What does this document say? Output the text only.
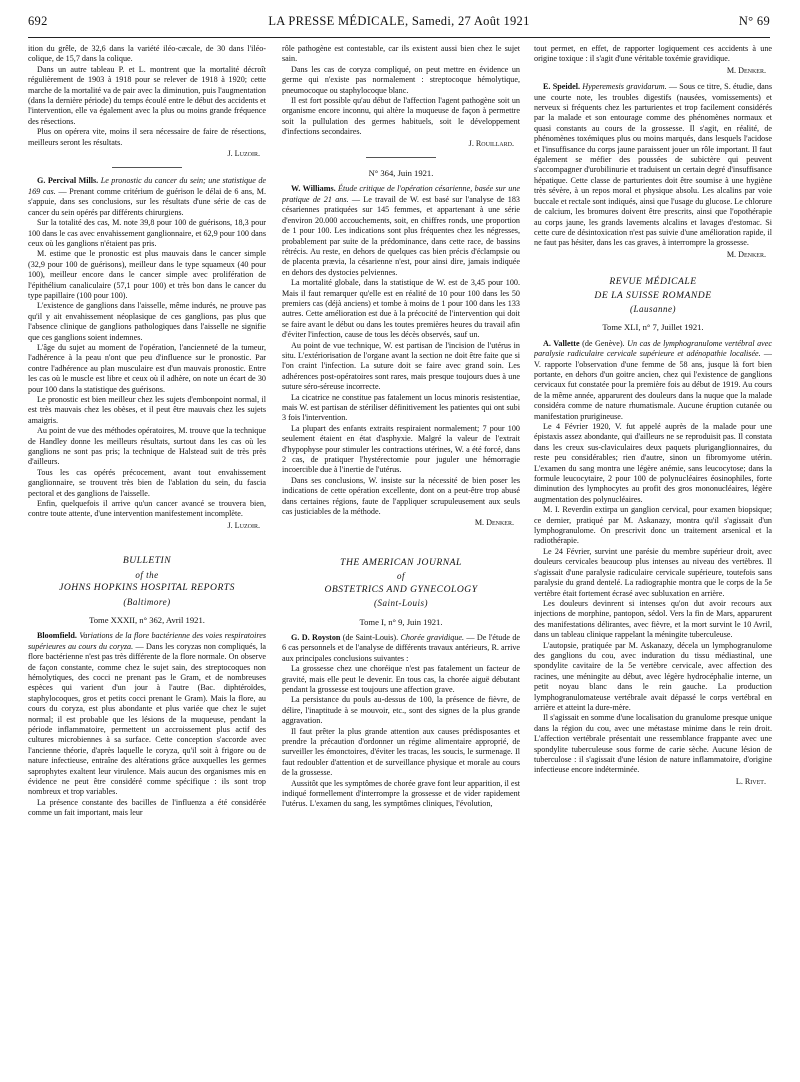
692	LA PRESSE MÉDICALE, Samedi, 27 Août 1921	N° 69

ition du grêle, de 32,6 dans la variété iléo-cæcale, de 30 dans l'iléo-colique, de 15,7 dans la colique.

Dans un autre tableau P. et L. montrent que la mortalité décroît régulièrement de 1903 à 1918 pour se relever de 1918 à 1920; cette marche de la mortalité va de pair avec la diminution, puis l'augmentation (dans la dernière période) du temps écoulé entre le début des accidents et l'intervention, elle va également avec la plus ou moins grande fréquence des résections.

Plus on opérera vite, moins il sera nécessaire de faire de résections, meilleurs seront les résultats.

J. Luzoir.

G. Percival Mills. Le pronostic du cancer du sein; une statistique de 169 cas. — Prenant comme critérium de guérison le délai de 6 ans, M. s'appuie, dans ses conclusions, sur les résultats d'une série de cas de cancer du sein opérés par différents chirurgiens.

Sur la totalité des cas, M. note 39,8 pour 100 de guérisons, 18,3 pour 100 dans le cas avec envahissement ganglionnaire, et 62,9 pour 100 dans ceux où les ganglions n'étaient pas pris.

M. estime que le pronostic est plus mauvais dans le cancer simple (32,9 pour 100 de guérisons), meilleur dans le type squameux (40 pour 100), meilleur encore dans le cancer simple avec prolifération de l'épithélium canaliculaire (57,1 pour 100) et très bon dans le cancer du type papillaire (100 pour 100).

L'existence de ganglions dans l'aisselle, même indurés, ne prouve pas qu'il y ait envahissement néoplasique de ces ganglions, pas plus que l'absence clinique de ganglions pathologiques dans l'aisselle ne signifie que ces ganglions soient indemnes.

L'âge du sujet au moment de l'opération, l'ancienneté de la tumeur, l'adhérence à la peau n'ont que peu d'influence sur le pronostic. Par contre l'adhérence au plan musculaire est d'un mauvais pronostic. Entre les cas où le muscle est libre et ceux où il adhère, on note un écart de 30 pour 100 dans la statistique des guérisons.

Le pronostic est bien meilleur chez les sujets d'embonpoint normal, il est très mauvais chez les obèses, et il peut être mauvais chez les sujets amaigris.

Au point de vue des méthodes opératoires, M. trouve que la technique de Handley donne les meilleurs résultats, surtout dans les cas où les ganglions ne sont pas pris; la technique de Halstead suit de très près d'ailleurs.

Tous les cas opérés précocement, avant tout envahissement ganglionnaire, se trouvent très bien de l'ablation du sein, du fascia pectoral et des ganglions de l'aisselle.

Enfin, quelquefois il arrive qu'un cancer avancé se trouvera bien, contre toute attente, d'une intervention manifestement incomplète.

J. Luzoir.
BULLETIN
of the
JOHNS HOPKINS HOSPITAL REPORTS
(Baltimore)
Tome XXXII, n° 362, Avril 1921.

Bloomfield. Variations de la flore bactérienne des voies respiratoires supérieures au cours du coryza. — Dans les coryzas non compliqués, la flore bactérienne n'est pas très différente de la flore normale. On observe de façon constante, comme chez le sujet sain, des streptocoques non hémolytiques, des cocci ne prenant pas le Gram, et de nombreuses espèces qui varient d'un jour à l'autre (Bac. diphtéroïdes, staphylocoques, gros et petits cocci prenant le Gram). Mais la flore, au cours du coryza, est plus abondante et plus variée que chez le sujet normal; il est probable que les lésions de la muqueuse, pendant la période inflammatoire, permettent un accroissement plus actif des cultures microbiennes à sa surface. Cette conception s'accorde avec l'ancienne théorie, d'après laquelle le coryza, qu'il soit à frigore ou de nature infectieuse, entraîne des altérations grâce auxquelles les germes saprophytes exaltent leur virulence. Mais aucun des organismes mis en évidence ne peut être considéré comme spécifique : ils sont trop nombreux et trop variables.

La présence constante des bacilles de l'influenza a été considérée comme un fait important, mais leur

rôle pathogène est contestable, car ils existent aussi bien chez le sujet sain.

Dans les cas de coryza compliqué, on peut mettre en évidence un germe qui n'existe pas normalement : streptocoque hémolytique, pneumocoque ou staphylocoque blanc.

Il est fort possible qu'au début de l'affection l'agent pathogène soit un organisme encore inconnu, qui altère la muqueuse de façon à permettre soit la pullulation des germes habituels, soit le développement d'infections secondaires.

J. Rouillard.
N° 364, Juin 1921.

W. Williams. Étude critique de l'opération césarienne, basée sur une pratique de 21 ans. — Le travail de W. est basé sur l'analyse de 183 césariennes pratiquées sur 145 femmes, et appartenant à une série d'environ 20.000 accouchements, soit, en chiffres ronds, une proportion de 1 pour 100. Les indications sont plus fréquentes chez les négresses, probablement par suite de la prédominance, dans cette race, de bassins rétrécis. Au reste, en dehors de quelques cas bien précis d'éclampsie ou de placenta prævia, la césarienne n'est, pour ainsi dire, jamais indiquée en dehors des dystocies pelviennes.

La mortalité globale, dans la statistique de W. est de 3,45 pour 100. Mais il faut remarquer qu'elle est en réalité de 10 pour 100 dans les 50 premiers cas (déjà anciens) et tombe à moins de 1 pour 100 dans les 133 autres. Cette amélioration est due à la précocité de l'intervention qui doit se faire avant le début ou dans les toutes premières heures du travail afin d'éviter l'infection, cause de tous les décès observés, sauf un.

Au point de vue technique, W. est partisan de l'incision de l'utérus in situ. L'extériorisation de l'organe avant la section ne doit être faite que si l'on craint l'infection. La suture doit se faire avec grand soin. Les adhérences post-opératoires sont rares, mais presque toujours dues à une suture séro-séreuse incorrecte.

La cicatrice ne constitue pas fatalement un locus minoris resistentiae, mais W. est partisan de stériliser définitivement les patientes qui ont subi 3 fois l'intervention.

La plupart des enfants extraits respiraient normalement; 7 pour 100 seulement étaient en état d'asphyxie. Malgré la valeur de l'extrait d'hypophyse pour stimuler les contractions utérines, W. a été forcé, dans 2 cas, de pratiquer l'hystérectomie pour juguler une hémorragie incoercible due à l'inertie de l'utérus.

Dans ses conclusions, W. insiste sur la nécessité de bien poser les indications de cette opération excellente, dont on a peut-être trop abusé dans certaines régions, faute de l'appliquer scrupuleusement aux seuls cas justiciables de la méthode.

M. Denker.
THE AMERICAN JOURNAL
of
OBSTETRICS AND GYNECOLOGY
(Saint-Louis)
Tome I, n° 9, Juin 1921.

G. D. Royston (de Saint-Louis). Chorée gravidique. — De l'étude de 6 cas personnels et de l'analyse de différents travaux antérieurs, R. arrive aux principales conclusions suivantes :

La grossesse chez une choréique n'est pas fatalement un facteur de gravité, mais elle peut le devenir. En tous cas, la chorée aiguë débutant pendant la grossesse est toujours une affection grave.

La persistance du pouls au-dessus de 100, la présence de fièvre, de délire, l'inaptitude à se mouvoir, etc., sont des signes de la plus grande aggravation.

Il faut prêter la plus grande attention aux causes prédisposantes et prendre la précaution d'ordonner un régime alimentaire approprié, de surveiller les émonctoires, d'éviter les tracas, les soucis, le surmenage. Il faut redoubler d'attention et de surveillance physique et morale au cours de la grossesse.

Aussitôt que les symptômes de chorée grave font leur apparition, il est indiqué formellement d'interrompre la grossesse et de vider rapidement l'utérus. L'examen du sang, les symptômes cliniques, l'évolution,

tout permet, en effet, de rapporter logiquement ces accidents à une origine toxique : il s'agit d'une véritable toxémie gravidique.

M. Denker.

E. Speidel. Hyperemesis gravidarum. — Sous ce titre, S. étudie, dans une courte note, les troubles digestifs (nausées, vomissements) et nerveux si fréquents chez les parturientes et trop facilement considérés par la malade et son entourage comme des phénomènes normaux et quasi constants au cours de la grossesse. Il s'agit, en réalité, de phénomènes toxémiques plus ou moins marqués, dans lesquels l'acidose et l'insuffisance du corps jaune paraissent jouer un rôle important. Il faut également se méfier des poussées de subictère qui peuvent s'accompagner d'urobilinurie et traduisent un certain degré d'insuffisance hépatique. Cette classe de parturientes doit être soumise à une hygiène très sévère, à un repos moral et physique absolu. Les alcalins par voie buccale et rectale sont indiqués, ainsi que l'usage du glucose. Le chlorure de calcium, les bromures doivent être prescrits, ainsi que l'opothérapie au corps jaune, les grands lavements alcalins et lavages d'estomac. Si cette cure de désintoxication n'est pas suivie d'une amélioration rapide, il ne faut pas hésiter, dans les cas graves, à interrompre la grossesse.

M. Denker.
REVUE MÉDICALE
DE LA SUISSE ROMANDE
(Lausanne)
Tome XLI, n° 7, Juillet 1921.

A. Vallette (de Genève). Un cas de lymphogranulome vertébral avec paralysie radiculaire cervicale supérieure et adénopathie localisée. — V. rapporte l'observation d'une femme de 58 ans, jusque là fort bien portante, en dehors d'un goitre ancien, chez qui l'existence de ganglions cervicaux fut constatée pour la première fois au début de 1919. Au cours de la même année, apparurent des douleurs dans la nuque que la malade considéra comme de nature rhumatismale. Aucune éruption cutanée ou manifestation prurigineuse.

Le 4 Février 1920, V. fut appelé auprès de la malade pour une épistaxis assez abondante, qui d'ailleurs ne se reproduisit pas. Il constata dans les creux sus-claviculaires deux paquets pluriganglionnaires, du reste peu considérables; rien d'autre, sinon un fibromyome utérin. L'examen du sang montra une légère anémie, sans leucocytose; dans la formule leucocytaire, 2 pour 100 de polynucléaires éosinophiles, forte diminution des lymphocytes au profit des gros mononucléaires, légère augmentation des polynucléaires.

M. I. Reverdin extirpa un ganglion cervical, pour examen biopsique; ce dernier, pratiqué par M. Askanazy, montra qu'il s'agissait d'un lymphogranulome. On prescrivit donc un traitement arsenical et la radiothérapie.

Le 24 Février, survint une parésie du membre supérieur droit, avec douleurs cervicales beaucoup plus intenses au niveau des vertèbres. Il s'agissait d'une paralysie radiculaire cervicale supérieure, toutefois sans paralysie du grand dentelé. La radiographie montra que le corps de la 5e vertèbre était fortement écrasé avec subluxation en arrière.

Les douleurs devinrent si intenses qu'on dut avoir recours aux injections de morphine, pantopon, sédol. Vers la fin de Mars, apparurent des manifestations délirantes, avec fièvre, et la mort survint le 10 Avril, dans un tableau clinique rappelant la méningite tuberculeuse.

L'autopsie, pratiquée par M. Askanazy, décela un lymphogranulome des ganglions du cou, avec induration du tissu médiastinal, une spondylite cavitaire de la 5e vertèbre cervicale, avec affection des racines, une méningite au début, avec légère hydrocéphalie interne, un petit noyau blanc dans le rein gauche. La production lymphogranulomateuse vertébrale avait dépassé le corps vertébral en arrière et atteint la dure-mère.

Il s'agissait en somme d'une localisation du granulome presque unique dans la région du cou, avec une métastase minime dans le rein droit. L'affection vertébrale présentait une ressemblance frappante avec une spondylite tuberculeuse sous forme de carie sèche. Aucune lésion de tuberculose : il s'agissait d'une lésion de nature inflammatoire, d'origine infectieuse encore indéterminée.

L. Rivet.
